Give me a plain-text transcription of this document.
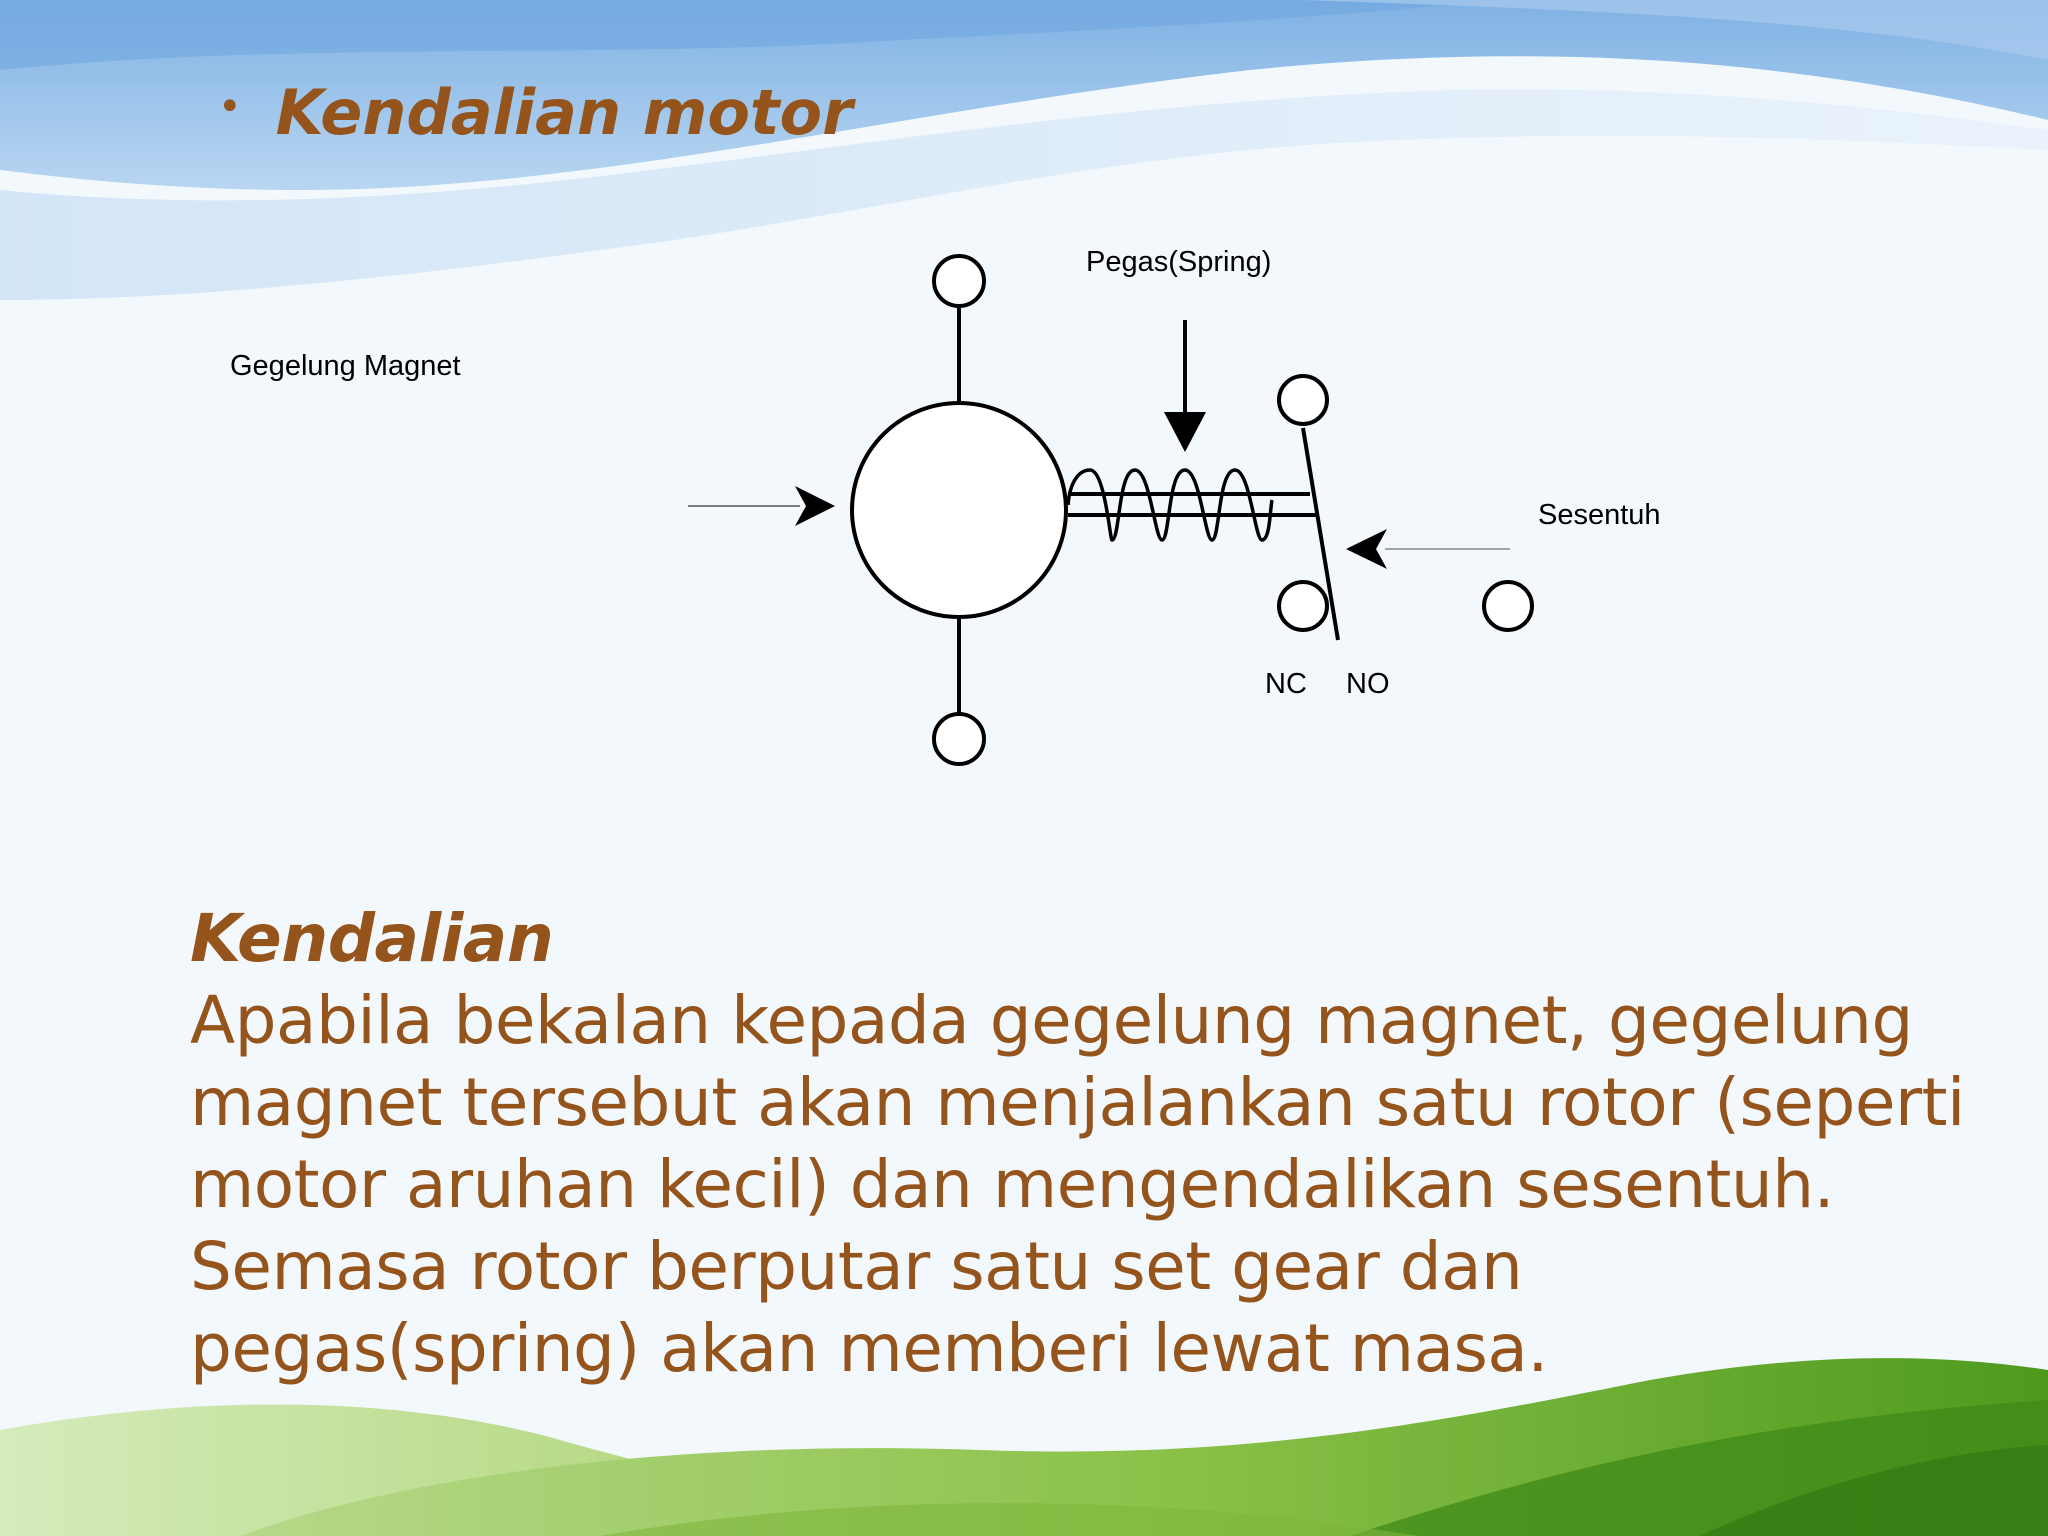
• Kendalian motor
Gegelung Magnet
Pegas(Spring)
Sesentuh
NC NO
Kendalian
Apabila bekalan kepada gegelung magnet, gegelung
magnet tersebut akan menjalankan satu rotor (seperti
motor aruhan kecil) dan mengendalikan sesentuh.
Semasa rotor berputar satu set gear dan
pegas(spring) akan memberi lewat masa.
